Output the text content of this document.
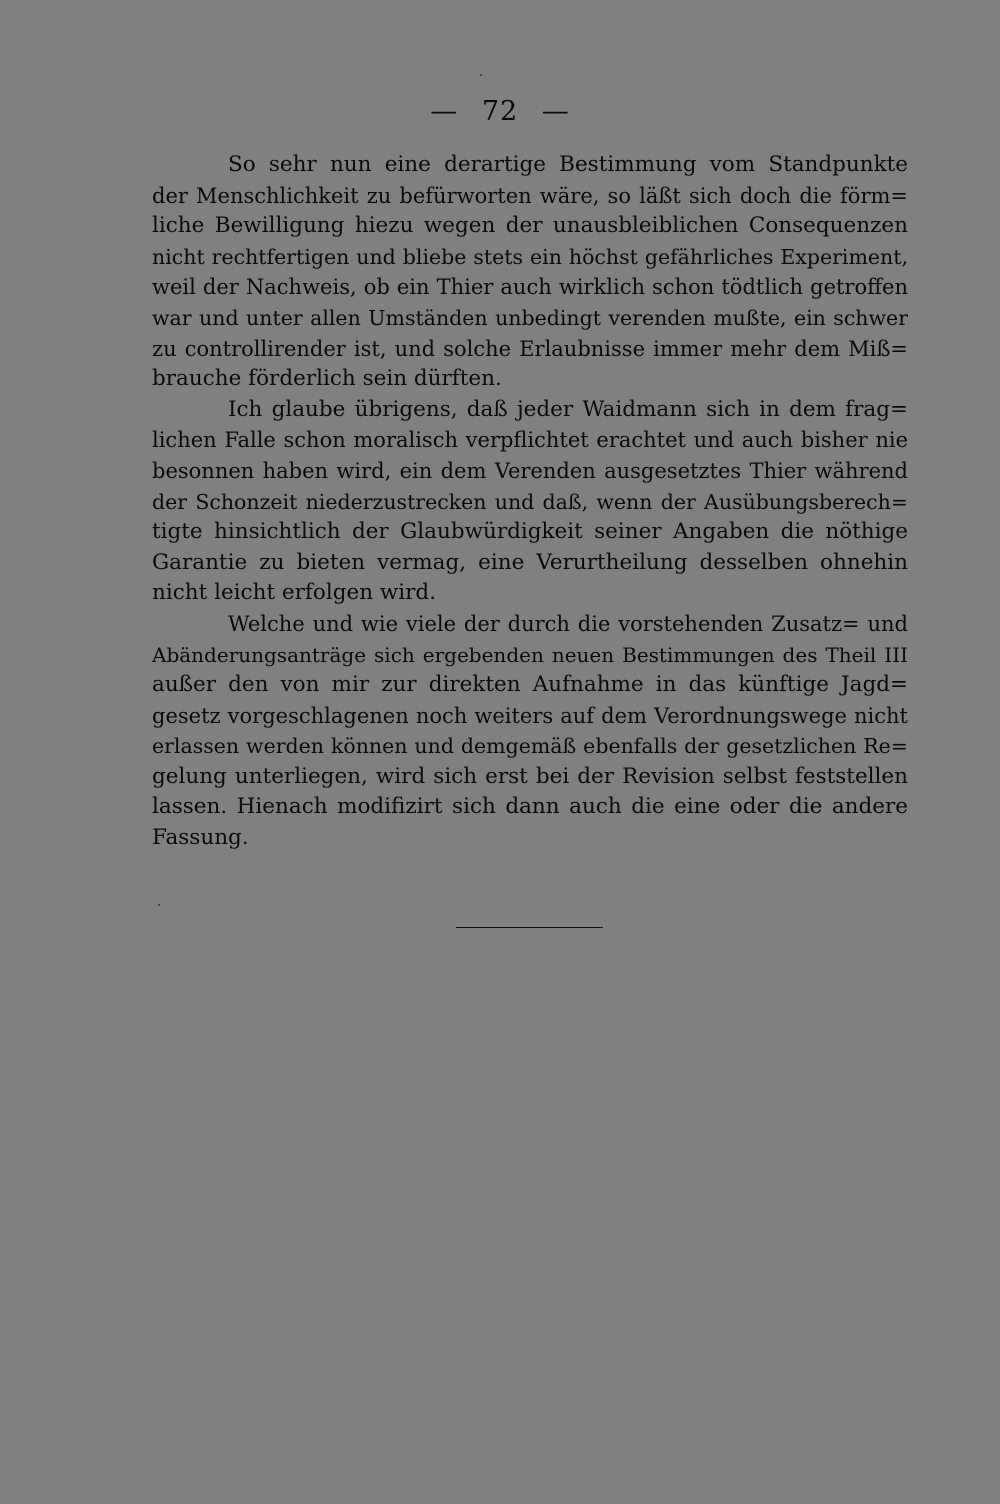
— 72 —
So sehr nun eine derartige Bestimmung vom Standpunkte
der Menschlichkeit zu befürworten wäre, so läßt sich doch die förm=
liche Bewilligung hiezu wegen der unausbleiblichen Consequenzen
nicht rechtfertigen und bliebe stets ein höchst gefährliches Experiment,
weil der Nachweis, ob ein Thier auch wirklich schon tödtlich getroffen
war und unter allen Umständen unbedingt verenden mußte, ein schwer
zu controllirender ist, und solche Erlaubnisse immer mehr dem Miß=
brauche förderlich sein dürften.
Ich glaube übrigens, daß jeder Waidmann sich in dem frag=
lichen Falle schon moralisch verpflichtet erachtet und auch bisher nie
besonnen haben wird, ein dem Verenden ausgesetztes Thier während
der Schonzeit niederzustrecken und daß, wenn der Ausübungsberech=
tigte hinsichtlich der Glaubwürdigkeit seiner Angaben die nöthige
Garantie zu bieten vermag, eine Verurtheilung desselben ohnehin
nicht leicht erfolgen wird.
Welche und wie viele der durch die vorstehenden Zusatz= und
Abänderungsanträge sich ergebenden neuen Bestimmungen des Theil III
außer den von mir zur direkten Aufnahme in das künftige Jagd=
gesetz vorgeschlagenen noch weiters auf dem Verordnungswege nicht
erlassen werden können und demgemäß ebenfalls der gesetzlichen Re=
gelung unterliegen, wird sich erst bei der Revision selbst feststellen
lassen. Hienach modifizirt sich dann auch die eine oder die andere
Fassung.
